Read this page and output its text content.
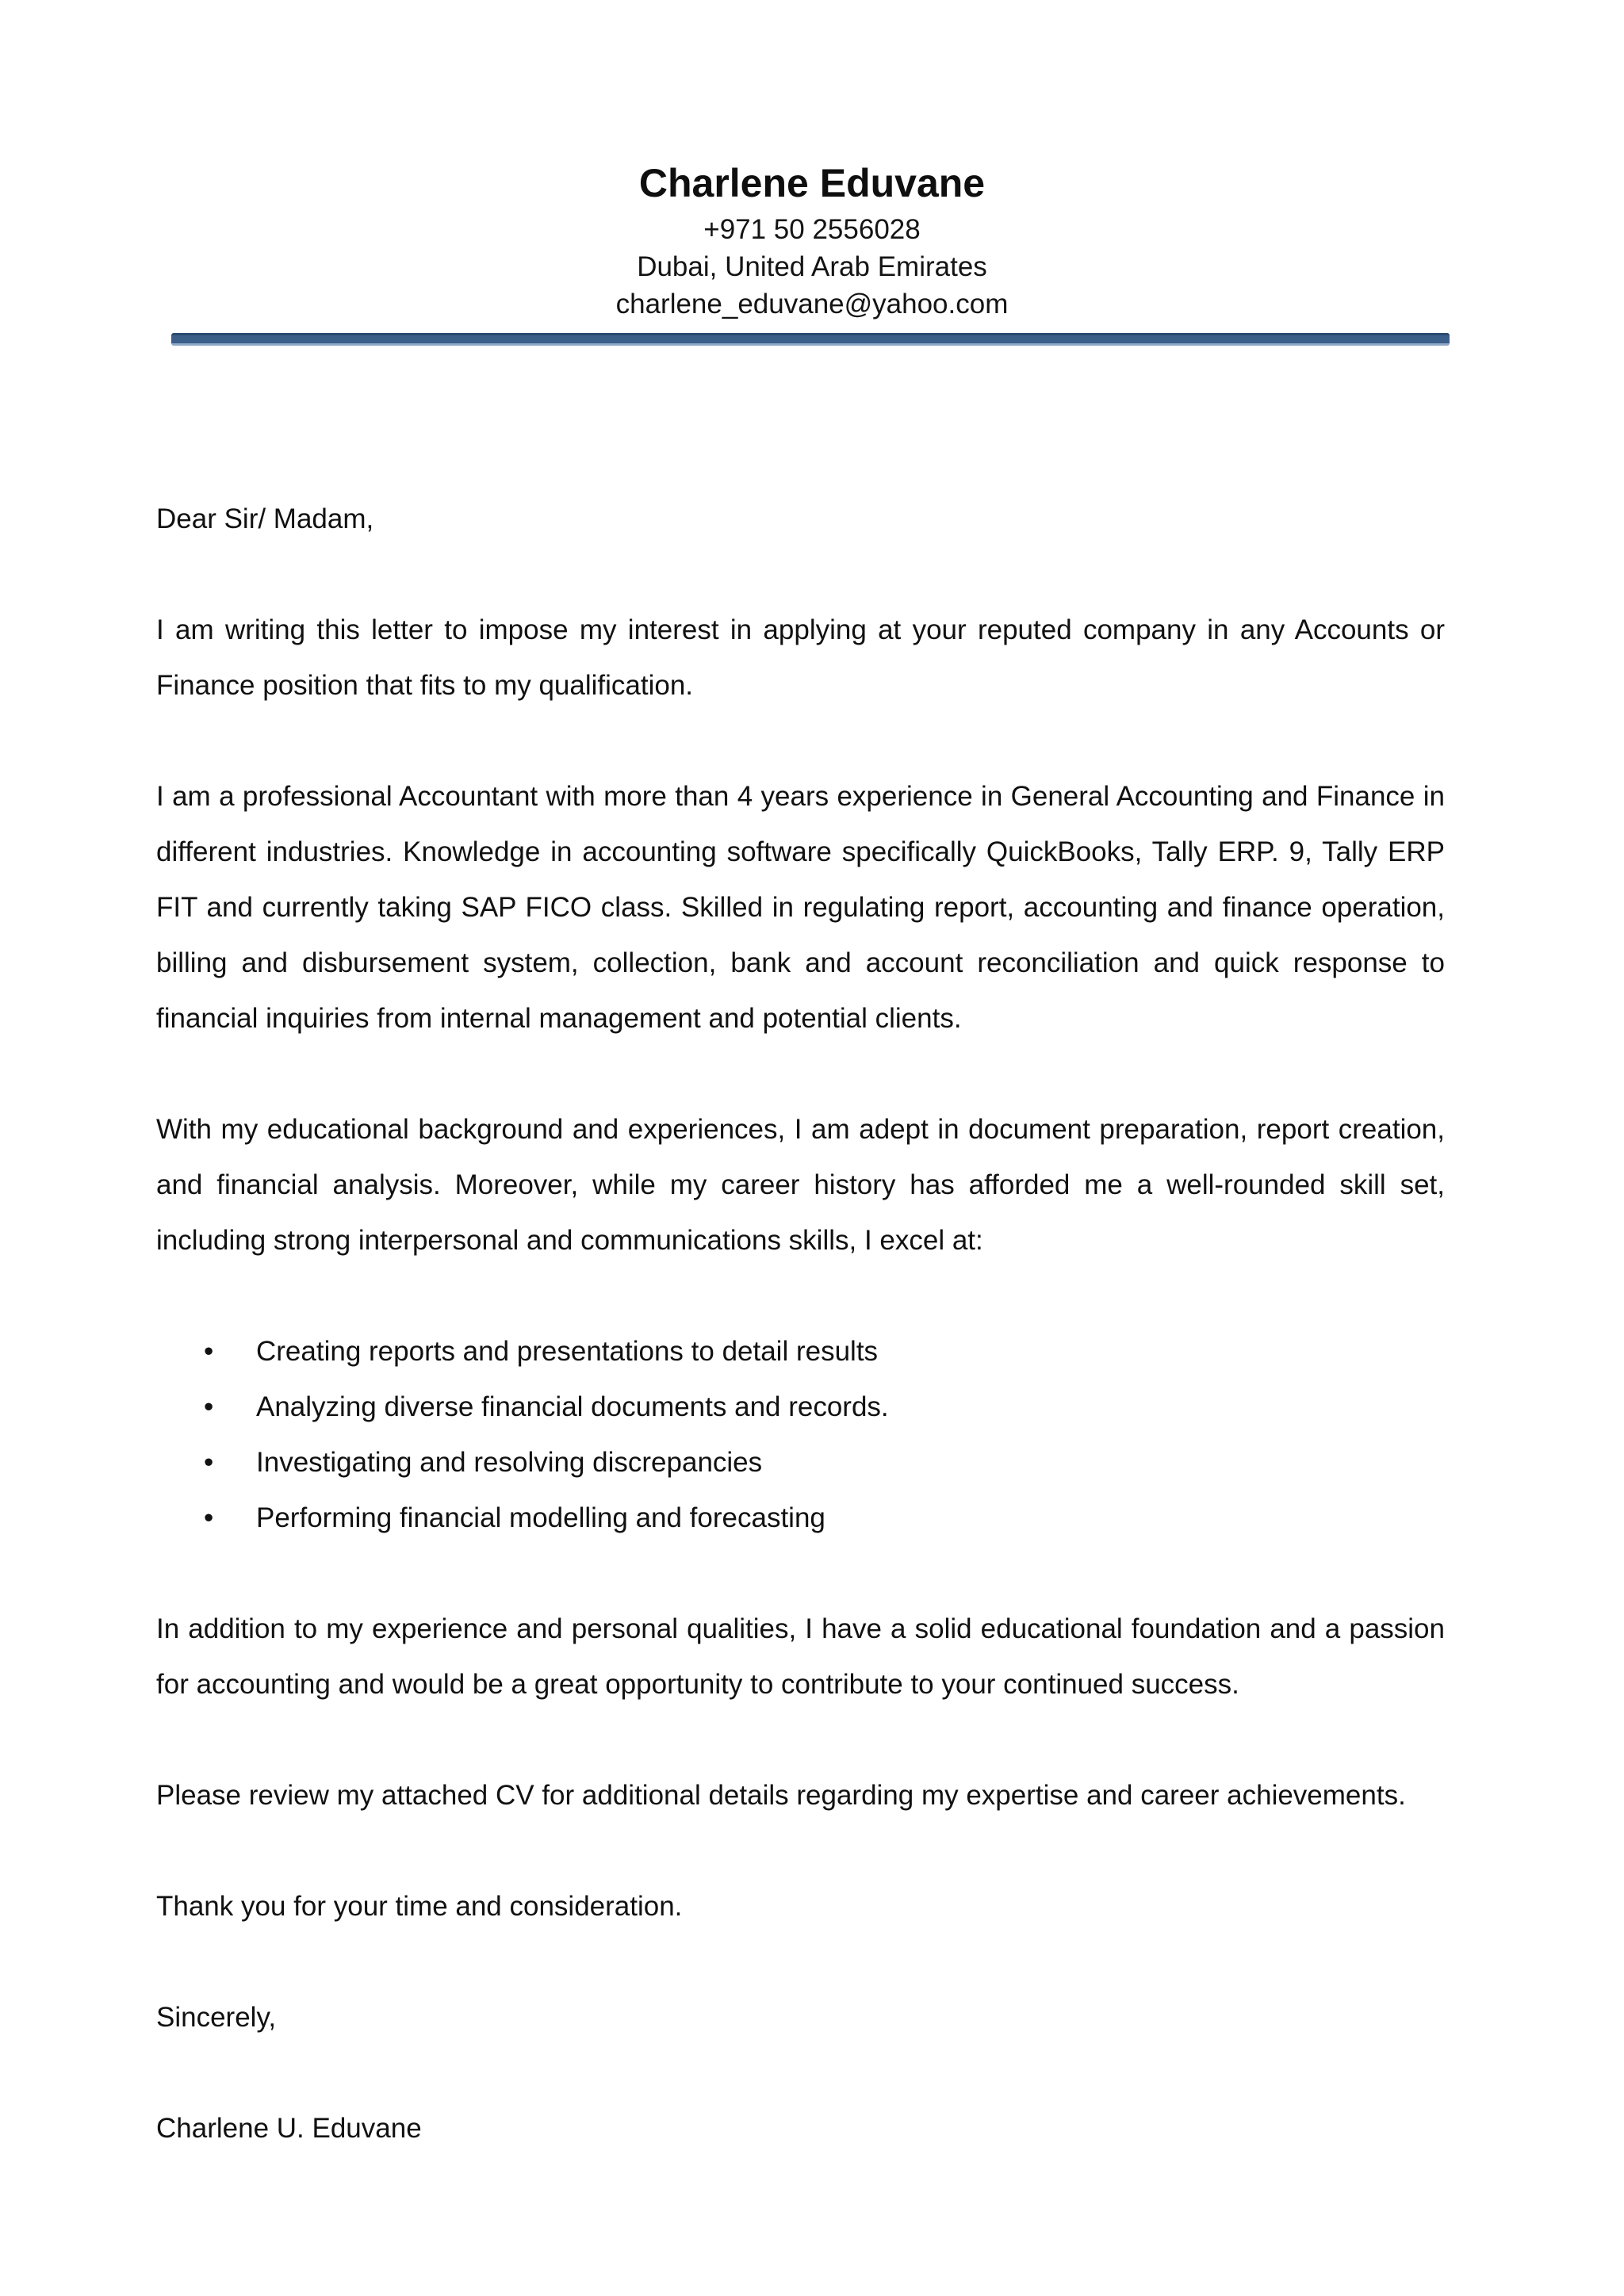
Charlene Eduvane

+971 50 2556028

Dubai, United Arab Emirates

charlene_eduvane@yahoo.com

Dear Sir/ Madam,

I am writing this letter to impose my interest in applying at your reputed company in any Accounts or Finance position that fits to my qualification.

I am a professional Accountant with more than 4 years experience in General Accounting and Finance in different industries. Knowledge in accounting software specifically QuickBooks, Tally ERP. 9, Tally ERP FIT and currently taking SAP FICO class. Skilled in regulating report, accounting and finance operation, billing and disbursement system, collection, bank and account reconciliation and quick response to financial inquiries from internal management and potential clients.

With my educational background and experiences, I am adept in document preparation, report creation, and financial analysis. Moreover, while my career history has afforded me a well-rounded skill set, including strong interpersonal and communications skills, I excel at:

• Creating reports and presentations to detail results
• Analyzing diverse financial documents and records.
• Investigating and resolving discrepancies
• Performing financial modelling and forecasting

In addition to my experience and personal qualities, I have a solid educational foundation and a passion for accounting and would be a great opportunity to contribute to your continued success.

Please review my attached CV for additional details regarding my expertise and career achievements.

Thank you for your time and consideration.

Sincerely,

Charlene U. Eduvane
